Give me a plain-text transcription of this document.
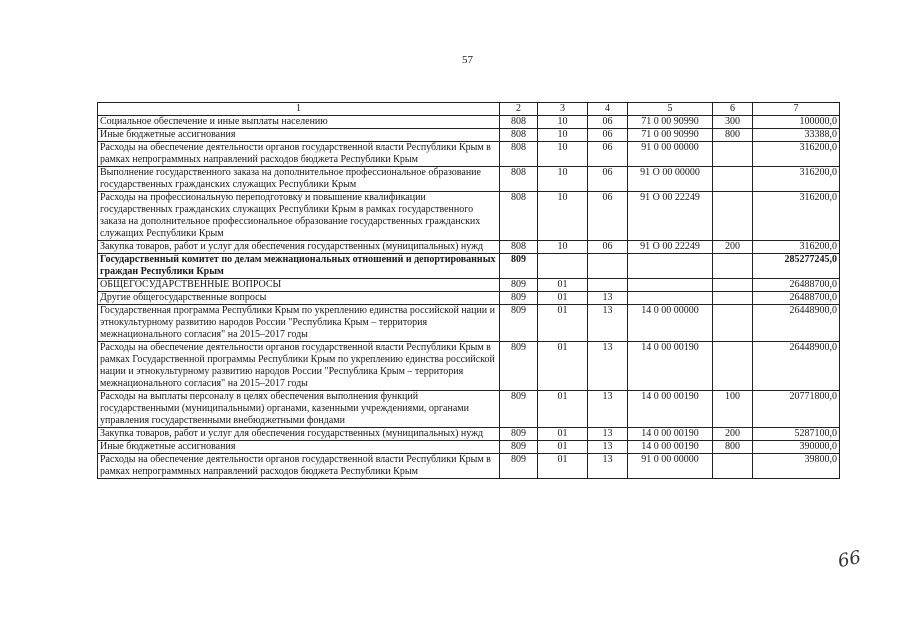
57
1	2	3	4	5	6	7
Социальное обеспечение и иные выплаты населению	808	10	06	71 0 00 90990	300	100000,0
Иные бюджетные ассигнования	808	10	06	71 0 00 90990	800	33388,0
Расходы на обеспечение деятельности органов государственной власти Республики Крым в рамках непрограммных направлений расходов бюджета Республики Крым	808	10	06	91 0 00 00000		316200,0
Выполнение государственного заказа на дополнительное профессиональное образование государственных гражданских служащих Республики Крым	808	10	06	91 О 00 00000		316200,0
Расходы на профессиональную переподготовку и повышение квалификации государственных гражданских служащих Республики Крым в рамках государственного заказа на дополнительное профессиональное образование государственных гражданских служащих Республики Крым	808	10	06	91 О 00 22249		316200,0
Закупка товаров, работ и услуг для обеспечения государственных (муниципальных) нужд	808	10	06	91 О 00 22249	200	316200,0
Государственный комитет по делам межнациональных отношений и депортированных граждан Республики Крым	809					285277245,0
ОБЩЕГОСУДАРСТВЕННЫЕ ВОПРОСЫ	809	01				26488700,0
Другие общегосударственные вопросы	809	01	13			26488700,0
Государственная программа Республики Крым по укреплению единства российской нации и этнокультурному развитию народов России "Республика Крым – территория межнационального согласия" на 2015–2017 годы	809	01	13	14 0 00 00000		26448900,0
Расходы на обеспечение деятельности органов государственной власти Республики Крым в рамках Государственной программы Республики Крым по укреплению единства российской нации и этнокультурному развитию народов России "Республика Крым – территория межнационального согласия" на 2015–2017 годы	809	01	13	14 0 00 00190		26448900,0
Расходы на выплаты персоналу в целях обеспечения выполнения функций государственными (муниципальными) органами, казенными учреждениями, органами управления государственными внебюджетными фондами	809	01	13	14 0 00 00190	100	20771800,0
Закупка товаров, работ и услуг для обеспечения государственных (муниципальных) нужд	809	01	13	14 0 00 00190	200	5287100,0
Иные бюджетные ассигнования	809	01	13	14 0 00 00190	800	390000,0
Расходы на обеспечение деятельности органов государственной власти Республики Крым в рамках непрограммных направлений расходов бюджета Республики Крым	809	01	13	91 0 00 00000		39800,0
66
